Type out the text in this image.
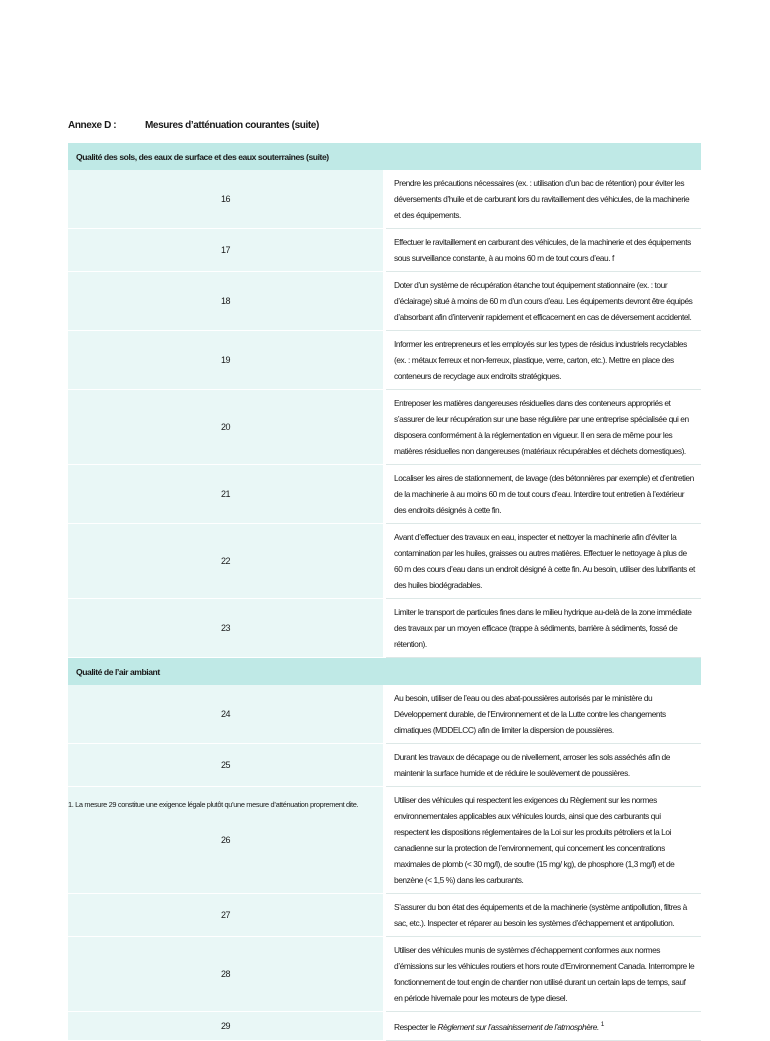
Annexe D :	Mesures d’atténuation courantes (suite)
Qualité des sols, des eaux de surface et des eaux souterraines (suite)	
16	Prendre les précautions nécessaires (ex. : utilisation d’un bac de rétention) pour éviter les déversements d’huile et de carburant lors du ravitaillement des véhicules, de la machinerie et des équipements.
17	Effectuer le ravitaillement en carburant des véhicules, de la machinerie et des équipements sous surveillance constante, à au moins 60 m de tout cours d’eau. f
18	Doter d’un système de récupération étanche tout équipement stationnaire (ex. : tour d’éclairage) situé à moins de 60 m d’un cours d’eau. Les équipements devront être équipés d’absorbant afin d’intervenir rapidement et efficacement en cas de déversement accidentel.
19	Informer les entrepreneurs et les employés sur les types de résidus industriels recyclables (ex. : métaux ferreux et non-ferreux, plastique, verre, carton, etc.). Mettre en place des conteneurs de recyclage aux endroits stratégiques.
20	Entreposer les matières dangereuses résiduelles dans des conteneurs appropriés et s’assurer de leur récupération sur une base régulière par une entreprise spécialisée qui en disposera conformément à la réglementation en vigueur. Il en sera de même pour les matières résiduelles non dangereuses (matériaux récupérables et déchets domestiques).
21	Localiser les aires de stationnement, de lavage (des bétonnières par exemple) et d’entretien de la machinerie à au moins 60 m de tout cours d’eau. Interdire tout entretien à l’extérieur des endroits désignés à cette fin.
22	Avant d’effectuer des travaux en eau, inspecter et nettoyer la machinerie afin d’éviter la contamination par les huiles, graisses ou autres matières. Effectuer le nettoyage à plus de 60 m des cours d’eau dans un endroit désigné à cette fin. Au besoin, utiliser des lubrifiants et des huiles biodégradables.
23	Limiter le transport de particules fines dans le milieu hydrique au-delà de la zone immédiate des travaux par un moyen efficace (trappe à sédiments, barrière à sédiments, fossé de rétention).
Qualité de l’air ambiant	
24	Au besoin, utiliser de l’eau ou des abat-poussières autorisés par le ministère du Développement durable, de l’Environnement et de la Lutte contre les changements climatiques (MDDELCC) afin de limiter la dispersion de poussières.
25	Durant les travaux de décapage ou de nivellement, arroser les sols asséchés afin de maintenir la surface humide et de réduire le soulèvement de poussières.
26	Utiliser des véhicules qui respectent les exigences du Règlement sur les normes environnementales applicables aux véhicules lourds, ainsi que des carburants qui respectent les dispositions réglementaires de la Loi sur les produits pétroliers et la Loi canadienne sur la protection de l’environnement, qui concernent les concentrations maximales de plomb (< 30 mg/l), de soufre (15 mg/ kg), de phosphore (1,3 mg/l) et de benzène (< 1,5 %) dans les carburants.
27	S’assurer du bon état des équipements et de la machinerie (système antipollution, filtres à sac, etc.). Inspecter et réparer au besoin les systèmes d’échappement et antipollution.
28	Utiliser des véhicules munis de systèmes d’échappement conformes aux normes d’émissions sur les véhicules routiers et hors route d’Environnement Canada. Interrompre le fonctionnement de tout engin de chantier non utilisé durant un certain laps de temps, sauf en période hivernale pour les moteurs de type diesel.
29	Respecter le Règlement sur l’assainissement de l’atmosphère. $^1$
1. La mesure 29 constitue une exigence légale plutôt qu’une mesure d’atténuation proprement dite.
